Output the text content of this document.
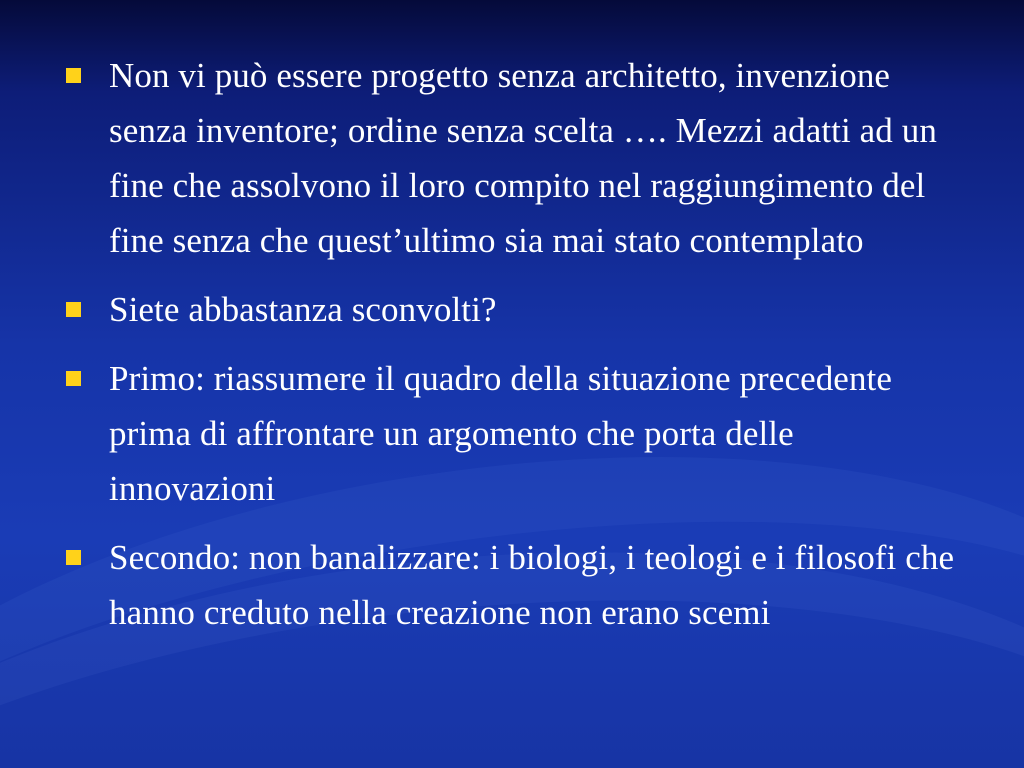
Non vi può essere progetto senza architetto, invenzione senza inventore; ordine senza scelta …. Mezzi adatti ad un fine che assolvono il loro compito nel raggiungimento del fine senza che quest’ultimo sia mai stato contemplato
Siete abbastanza sconvolti?
Primo: riassumere il quadro della situazione precedente prima di affrontare un argomento che porta delle innovazioni
Secondo: non banalizzare: i biologi, i teologi e i filosofi che hanno creduto nella creazione non erano scemi
